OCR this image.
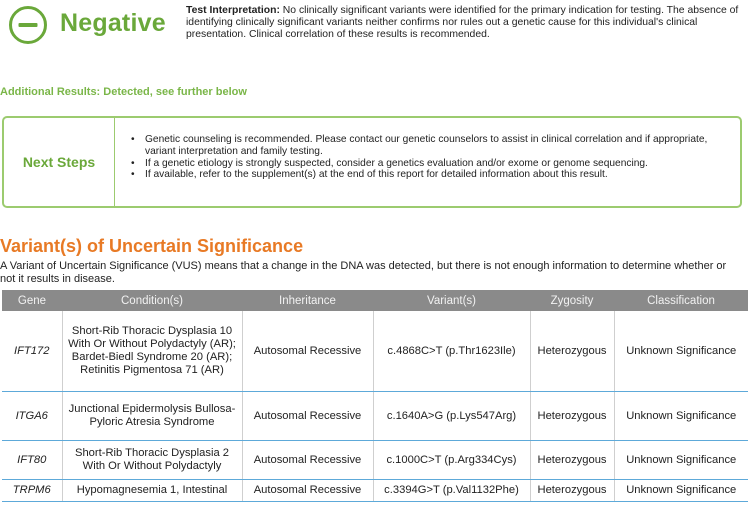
Negative Test Interpretation: No clinically significant variants were identified for the primary indication for testing. The absence of identifying clinically significant variants neither confirms nor rules out a genetic cause for this individual's clinical presentation. Clinical correlation of these results is recommended.
Additional Results: Detected, see further below
Next Steps
• Genetic counseling is recommended. Please contact our genetic counselors to assist in clinical correlation and if appropriate, variant interpretation and family testing.
• If a genetic etiology is strongly suspected, consider a genetics evaluation and/or exome or genome sequencing.
• If available, refer to the supplement(s) at the end of this report for detailed information about this result.
Variant(s) of Uncertain Significance
A Variant of Uncertain Significance (VUS) means that a change in the DNA was detected, but there is not enough information to determine whether or not it results in disease.
Gene	Condition(s)	Inheritance	Variant(s)	Zygosity	Classification
IFT172	Short-Rib Thoracic Dysplasia 10 With Or Without Polydactyly (AR); Bardet-Biedl Syndrome 20 (AR); Retinitis Pigmentosa 71 (AR)	Autosomal Recessive	c.4868C>T (p.Thr1623Ile)	Heterozygous	Unknown Significance
ITGA6	Junctional Epidermolysis Bullosa- Pyloric Atresia Syndrome	Autosomal Recessive	c.1640A>G (p.Lys547Arg)	Heterozygous	Unknown Significance
IFT80	Short-Rib Thoracic Dysplasia 2 With Or Without Polydactyly	Autosomal Recessive	c.1000C>T (p.Arg334Cys)	Heterozygous	Unknown Significance
TRPM6	Hypomagnesemia 1, Intestinal	Autosomal Recessive	c.3394G>T (p.Val1132Phe)	Heterozygous	Unknown Significance
